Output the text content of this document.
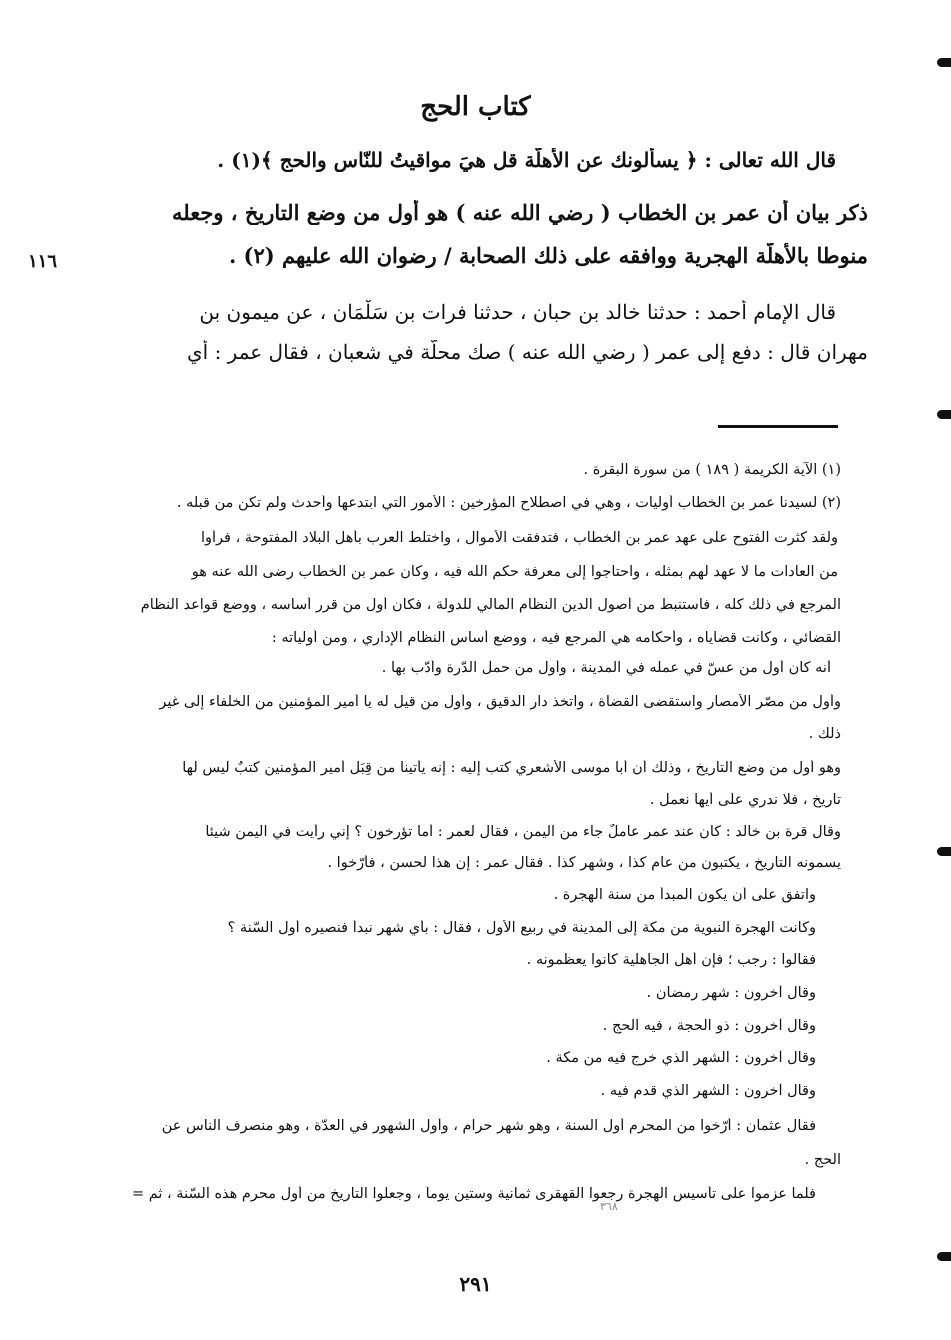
كتاب الحج
قال الله تعالى : ﴿ يسألونك عن الأهلّة قل هيَ مواقيتُ للنّاس والحج ﴾(١) .
ذكر بيان أن عمر بن الخطاب ( رضي الله عنه ) هو أول من وضع التاريخ ، وجعله
منوطا بالأهلّة الهجرية ووافقه على ذلك الصحابة / رضوان الله عليهم (٢) .
١١٦
قال الإمام أحمد : حدثنا خالد بن حبان ، حدثنا فرات بن سَلْمَان ، عن ميمون بن
مهران قال : دفع إلى عمر ( رضي الله عنه ) صك محلّة في شعبان ، فقال عمر : أي
(١) الآية الكريمة ( ١٨٩ ) من سورة البقرة .
(٢) لسيدنا عمر بن الخطاب أوليات ، وهي في اصطلاح المؤرخين : الأمور التي ابتدعها وأحدث ولم تكن من قبله .
ولقد كثرت الفتوح على عهد عمر بن الخطاب ، فتدفقت الأموال ، واختلط العرب بأهل البلاد المفتوحة ، فرأوا
من العادات ما لا عهد لهم بمثله ، واحتاجوا إلى معرفة حكم الله فيه ، وكان عمر بن الخطاب رضى الله عنه هو
المرجع في ذلك كله ، فاستنبط من أصول الدين النظام المالي للدولة ، فكان أول من قرر أساسه ، ووضع قواعد النظام
القضائي ، وكانت قضاياه ، وأحكامه هي المرجع فيه ، ووضع أساس النظام الإداري ، ومن أولياته :
أنه كان أول من عسّ في عمله في المدينة ، وأول من حمل الدّرة وأدّب بها .
وأول من مصّر الأمصار واستقضى القضاة ، واتخذ دار الدقيق ، وأول من قيل له يا أمير المؤمنين من الخلفاء إلى غير
ذلك .
وهو أول من وضع التاريخ ، وذلك أن أبا موسى الأشعري كتب إليه : إنه يأتينا من قِبَل أمير المؤمنين كتبٌ ليس لها
تاريخ ، فلا ندري على أيها نعمل .
وقال قرة بن خالد : كان عند عمر عاملٌ جاء من اليمن ، فقال لعمر : أما تؤرخون ؟ إني رأيت في اليمن شيئاً
يسمونه التاريخ ، يكتبون من عام كذا ، وشهر كذا . فقال عمر : إن هذا لحسن ، فأرّخوا .
واتفق على أن يكون المبدأ من سنة الهجرة .
وكانت الهجرة النبوية من مكة إلى المدينة في ربيع الأول ، فقال : بأي شهر نبدأ فنصيره أول السّنة ؟
فقالوا : رجب ؛ فإن أهل الجاهلية كانوا يعظمونه .
وقال آخرون : شهر رمضان .
وقال آخرون : ذو الحجة ، فيه الحج .
وقال آخرون : الشهر الذي خرج فيه من مكة .
وقال آخرون : الشهر الذي قدم فيه .
فقال عثمان : أرّخوا من المحرم أول السنة ، وهو شهر حرام ، وأول الشهور في العدّة ، وهو منصرف الناس عن
الحج .
فلما عزموا على تأسيس الهجرة رجعوا القهقرى ثمانية وستين يوماً ، وجعلوا التاريخ من أول محرم هذه السّنة ، ثم =
٣٦٨
٢٩١
